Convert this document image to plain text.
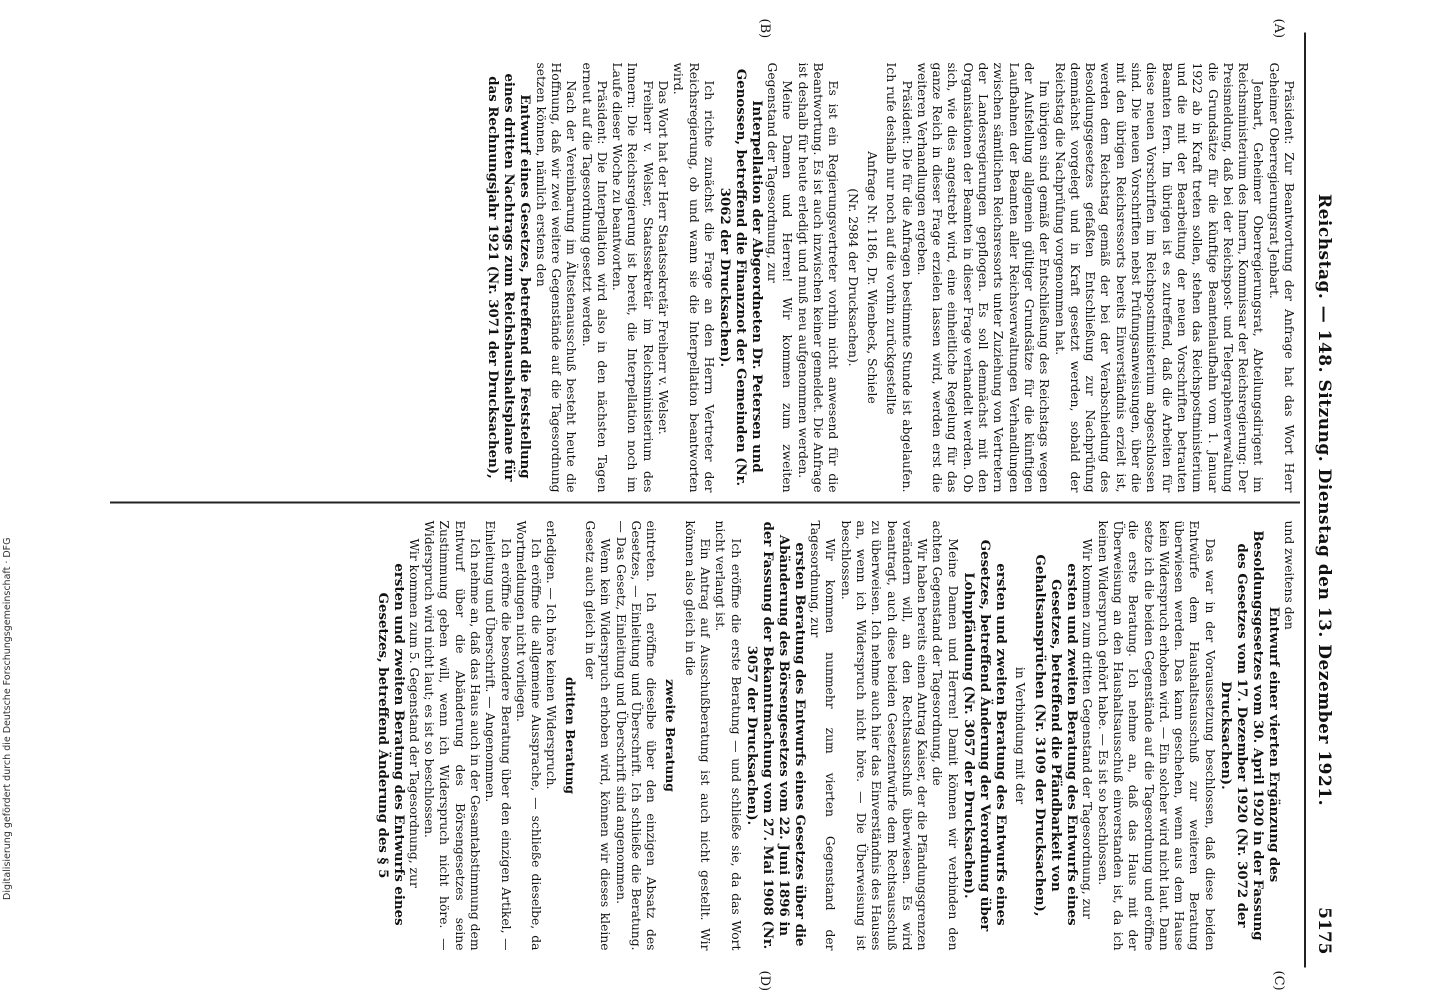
Reichstag. — 148. Sitzung. Dienstag den 13. Dezember 1921.
5175
(A)
(B)
(C)
(D)

Präsident: Zur Beantwortung der Anfrage hat das Wort Herr Geheimer Oberregierungsrat Jenbart.

Jenbart, Geheimer Oberregierungsrat, Abteilungsdirigent im Reichsministerium des Innern, Kommissar der Reichsregierung: Der Preismeldung, daß bei der Reichspost- und Telegraphenverwaltung die Grundsätze für die künftige Beamtenlaufbahn vom 1. Januar 1922 ab in Kraft treten sollen, stehen das Reichspostministerium und die mit der Bearbeitung der neuen Vorschriften betrauten Beamten fern. Im übrigen ist es zutreffend, daß die Arbeiten für diese neuen Vorschriften im Reichspostministerium abgeschlossen sind. Die neuen Vorschriften nebst Prüfungsanweisungen, über die mit den übrigen Reichsressorts bereits Einverständnis erzielt ist, werden dem Reichstag gemäß der bei der Verabschiedung des Besoldungsgesetzes gefaßten Entschließung zur Nachprüfung demnächst vorgelegt und in Kraft gesetzt werden, sobald der Reichstag die Nachprüfung vorgenommen hat.

Im übrigen sind gemäß der Entschließung des Reichstags wegen der Aufstellung allgemein gültiger Grundsätze für die künftigen Laufbahnen der Beamten aller Reichsverwaltungen Verhandlungen zwischen sämtlichen Reichsressorts unter Zuziehung von Vertretern der Landesregierungen gepflogen. Es soll demnächst mit den Organisationen der Beamten in dieser Frage verhandelt werden. Ob sich, wie dies angestrebt wird, eine einheitliche Regelung für das ganze Reich in dieser Frage erzielen lassen wird, werden erst die weiteren Verhandlungen ergeben.

Präsident: Die für die Anfragen bestimmte Stunde ist abgelaufen. Ich rufe deshalb nur noch auf die vorhin zurückgestellte

Anfrage Nr. 1186, Dr. Wienbeck, Schiele

(Nr. 2984 der Drucksachen).

Es ist ein Regierungsvertreter vorhin nicht anwesend für die Beantwortung. Es ist auch inzwischen keiner gemeldet. Die Anfrage ist deshalb für heute erledigt und muß neu aufgenommen werden.

Meine Damen und Herren! Wir kommen zum zweiten Gegenstand der Tagesordnung, zur

Interpellation der Abgeordneten Dr. Petersen und Genossen, betreffend die Finanznot der Gemeinden (Nr. 3062 der Drucksachen).

Ich richte zunächst die Frage an den Herrn Vertreter der Reichsregierung, ob und wann sie die Interpellation beantworten wird.

Das Wort hat der Herr Staatssekretär Freiherr v. Welser.

Freiherr v. Welser, Staatssekretär im Reichsministerium des Innern: Die Reichsregierung ist bereit, die Interpellation noch im Laufe dieser Woche zu beantworten.

Präsident: Die Interpellation wird also in den nächsten Tagen erneut auf die Tagesordnung gesetzt werden.

Nach der Vereinbarung im Ältestenausschuß besteht heute die Hoffnung, daß wir zwei weitere Gegenstände auf die Tagesordnung setzen können, nämlich erstens den

Entwurf eines Gesetzes, betreffend die Feststellung eines dritten Nachtrags zum Reichshaushaltsplane für das Rechnungsjahr 1921 (Nr. 3071 der Drucksachen),

und zweitens den

Entwurf einer vierten Ergänzung des Besoldungsgesetzes vom 30. April 1920 in der Fassung des Gesetzes vom 17. Dezember 1920 (Nr. 3072 der Drucksachen).

Das war in der Voraussetzung beschlossen, daß diese beiden Entwürfe dem Haushaltsausschuß zur weiteren Beratung überwiesen werden. Das kann geschehen, wenn aus dem Hause kein Widerspruch erhoben wird. — Ein solcher wird nicht laut. Dann setze ich die beiden Gegenstände auf die Tagesordnung und eröffne die erste Beratung. Ich nehme an, daß das Haus mit der Überweisung an den Haushaltsausschuß einverstanden ist, da ich keinen Widerspruch gehört habe. — Es ist so beschlossen.

Wir kommen zum dritten Gegenstand der Tagesordnung, zur

ersten und zweiten Beratung des Entwurfs eines Gesetzes, betreffend die Pfändbarkeit von Gehaltsansprüchen (Nr. 3109 der Drucksachen),

in Verbindung mit der

ersten und zweiten Beratung des Entwurfs eines Gesetzes, betreffend Änderung der Verordnung über Lohnpfändung (Nr. 3057 der Drucksachen).

Meine Damen und Herren! Damit können wir verbinden den achten Gegenstand der Tagesordnung, die

Wir haben bereits einen Antrag Kaiser, der die Pfändungsgrenzen verändern will, an den Rechtsausschuß überwiesen. Es wird beantragt, auch diese beiden Gesetzentwürfe dem Rechtsausschuß zu überweisen. Ich nehme auch hier das Einverständnis des Hauses an, wenn ich Widerspruch nicht höre. — Die Überweisung ist beschlossen.

Wir kommen nunmehr zum vierten Gegenstand der Tagesordnung, zur

ersten Beratung des Entwurfs eines Gesetzes über die Abänderung des Börsengesetzes vom 22. Juni 1896 in der Fassung der Bekanntmachung vom 27. Mai 1908 (Nr. 3057 der Drucksachen).

Ich eröffne die erste Beratung — und schließe sie, da das Wort nicht verlangt ist.

Ein Antrag auf Ausschußberatung ist auch nicht gestellt. Wir können also gleich in die

zweite Beratung

eintreten. Ich eröffne dieselbe über den einzigen Absatz des Gesetzes, — Einleitung und Überschrift. Ich schließe die Beratung. — Das Gesetz, Einleitung und Überschrift sind angenommen.

Wenn kein Widerspruch erhoben wird, können wir dieses kleine Gesetz auch gleich in der

dritten Beratung

erledigen. — Ich höre keinen Widerspruch.

Ich eröffne die allgemeine Aussprache, — schließe dieselbe, da Wortmeldungen nicht vorliegen.

Ich eröffne die besondere Beratung über den einzigen Artikel, — Einleitung und Überschrift. — Angenommen.

Ich nehme an, daß das Haus auch in der Gesamtabstimmung dem Entwurf über die Abänderung des Börsengesetzes seine Zustimmung geben will, wenn ich Widerspruch nicht höre. — Widerspruch wird nicht laut; es ist so beschlossen.

Wir kommen zum 5. Gegenstand der Tagesordnung, zur

ersten und zweiten Beratung des Entwurfs eines Gesetzes, betreffend Änderung des § 5

Digitalisierung gefördert durch die Deutsche Forschungsgemeinschaft · DFG
